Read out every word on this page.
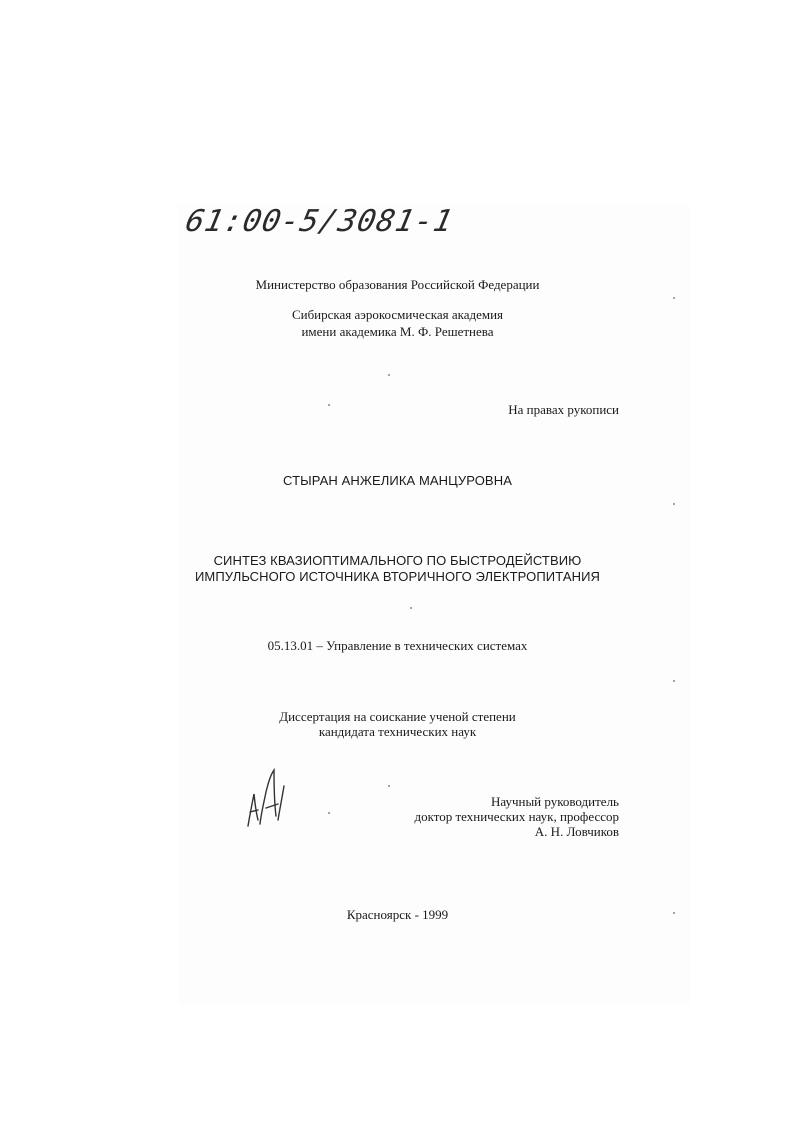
61:00-5/3081-1
Министерство образования Российской Федерации
Сибирская аэрокосмическая академия
имени академика М. Ф. Решетнева
На правах рукописи
СТЫРАН АНЖЕЛИКА МАНЦУРОВНА
СИНТЕЗ КВАЗИОПТИМАЛЬНОГО ПО БЫСТРОДЕЙСТВИЮ
ИМПУЛЬСНОГО ИСТОЧНИКА ВТОРИЧНОГО ЭЛЕКТРОПИТАНИЯ
05.13.01 – Управление в технических системах
Диссертация на соискание ученой степени
кандидата технических наук
Научный руководитель
доктор технических наук, профессор
А. Н. Ловчиков
Красноярск - 1999
